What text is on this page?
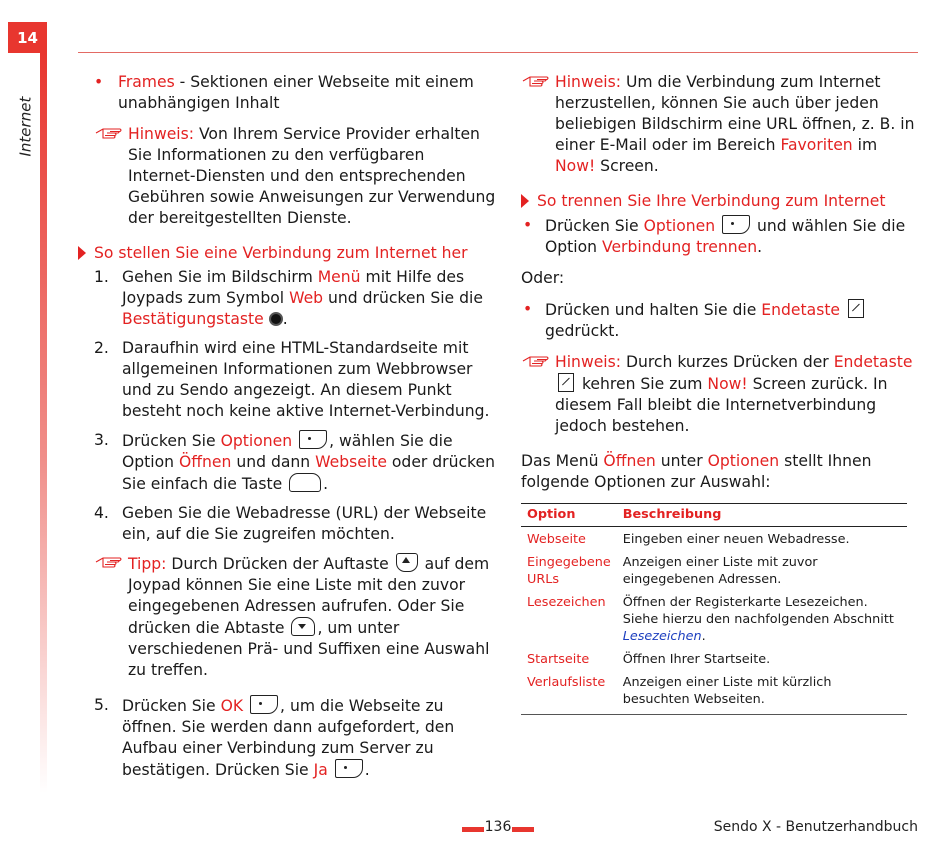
14
Internet

• Frames - Sektionen einer Webseite mit einem unabhängigen Inhalt

Hinweis: Von Ihrem Service Provider erhalten Sie Informationen zu den verfügbaren Internet-Diensten und den entsprechenden Gebühren sowie Anweisungen zur Verwendung der bereitgestellten Dienste.

So stellen Sie eine Verbindung zum Internet her

1. Gehen Sie im Bildschirm Menü mit Hilfe des Joypads zum Symbol Web und drücken Sie die Bestätigungstaste .

2. Daraufhin wird eine HTML-Standardseite mit allgemeinen Informationen zum Webbrowser und zu Sendo angezeigt. An diesem Punkt besteht noch keine aktive Internet-Verbindung.

3. Drücken Sie Optionen , wählen Sie die Option Öffnen und dann Webseite oder drücken Sie einfach die Taste .

4. Geben Sie die Webadresse (URL) der Webseite ein, auf die Sie zugreifen möchten.

Tipp: Durch Drücken der Auftaste  auf dem Joypad können Sie eine Liste mit den zuvor eingegebenen Adressen aufrufen. Oder Sie drücken die Abtaste , um unter verschiedenen Prä- und Suffixen eine Auswahl zu treffen.

5. Drücken Sie OK , um die Webseite zu öffnen. Sie werden dann aufgefordert, den Aufbau einer Verbindung zum Server zu bestätigen. Drücken Sie Ja .

Hinweis: Um die Verbindung zum Internet herzustellen, können Sie auch über jeden beliebigen Bildschirm eine URL öffnen, z. B. in einer E-Mail oder im Bereich Favoriten im Now! Screen.

So trennen Sie Ihre Verbindung zum Internet

• Drücken Sie Optionen  und wählen Sie die Option Verbindung trennen.

Oder:

• Drücken und halten Sie die Endetaste
gedrückt.

Hinweis: Durch kurzes Drücken der Endetaste
kehren Sie zum Now! Screen zurück. In diesem Fall bleibt die Internetverbindung jedoch bestehen.

Das Menü Öffnen unter Optionen stellt Ihnen folgende Optionen zur Auswahl:

Option	Beschreibung
Webseite	Eingeben einer neuen Webadresse.
Eingegebene URLs	Anzeigen einer Liste mit zuvor eingegebenen Adressen.
Lesezeichen	Öffnen der Registerkarte Lesezeichen. Siehe hierzu den nachfolgenden Abschnitt Lesezeichen.
Startseite	Öffnen Ihrer Startseite.
Verlaufsliste	Anzeigen einer Liste mit kürzlich besuchten Webseiten.
136	Sendo X - Benutzerhandbuch
